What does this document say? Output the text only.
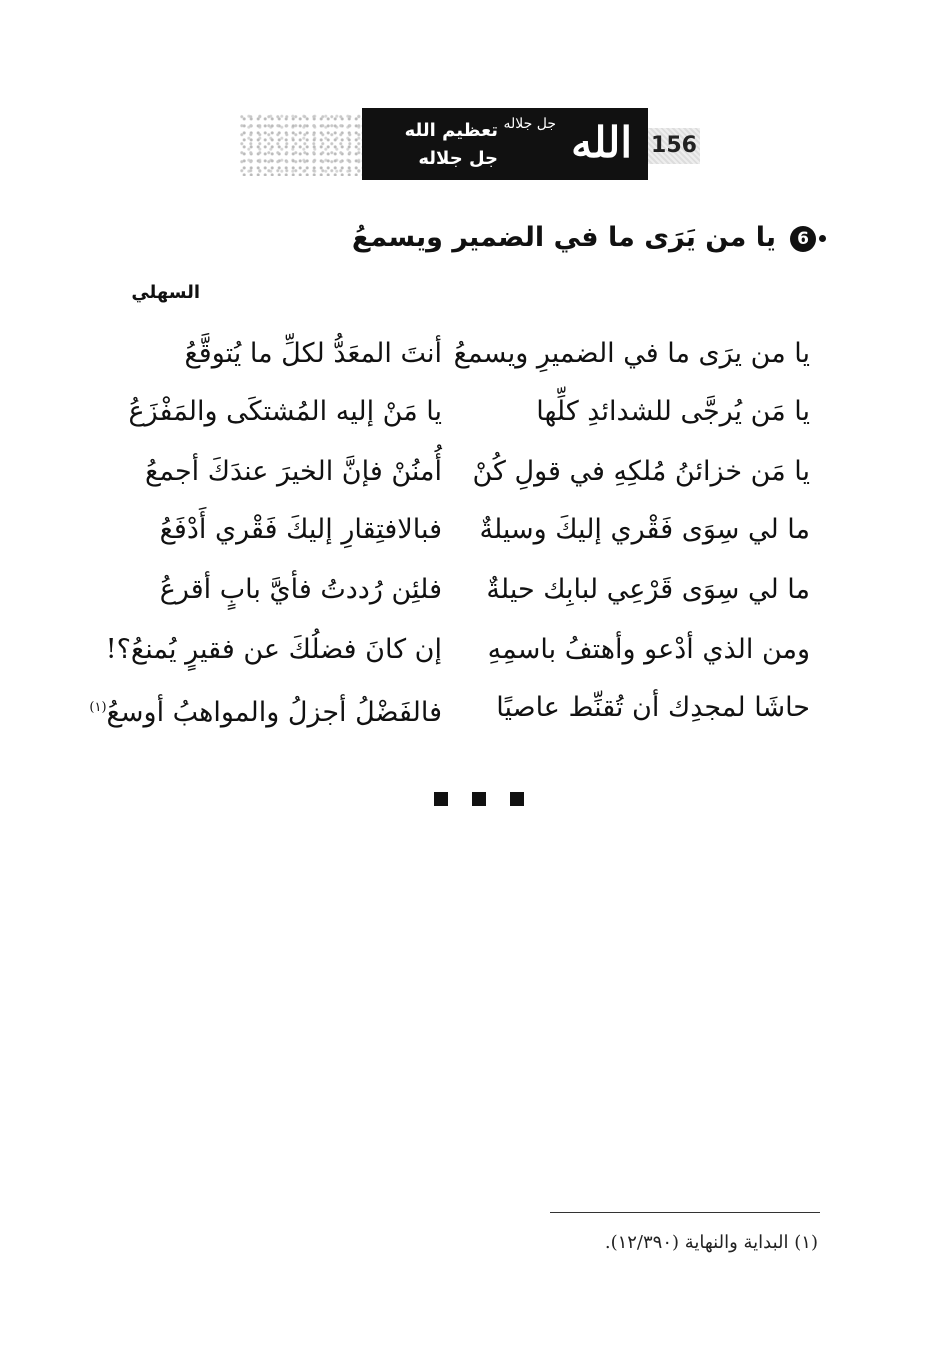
تعظيم الله
جل جلاله الله
جل جلاله
156
6
يا من يَرَى ما في الضمير ويسمعُ
السهلي
يا من يرَى ما في الضميرِ ويسمعُ
أنتَ المعَدُّ لكلِّ ما يُتوقَّعُ
يا مَن يُرجَّى للشدائدِ كلِّها
يا مَنْ إليه المُشتكَى والمَفْزَعُ
يا مَن خزائنُ مُلكِهِ في قولِ كُنْ
أُمنُنْ فإنَّ الخيرَ عندَكَ أجمعُ
ما لي سِوَى فَقْري إليكَ وسيلةٌ
فبالافتِقارِ إليكَ فَقْري أَدْفَعُ
ما لي سِوَى قَرْعِي لبابِك حيلةٌ
فلئِن رُددتُ فأيَّ بابٍ أقرعُ
ومن الذي أدْعو وأهتفُ باسمِهِ
إن كانَ فضلُكَ عن فقيرٍ يُمنعُ؟!
حاشَا لمجدِك أن تُقنِّط عاصيًا
فالفَضْلُ أجزلُ والمواهبُ أوسعُ$^{(١)}$
(١) البداية والنهاية (١٢/٣٩٠).
